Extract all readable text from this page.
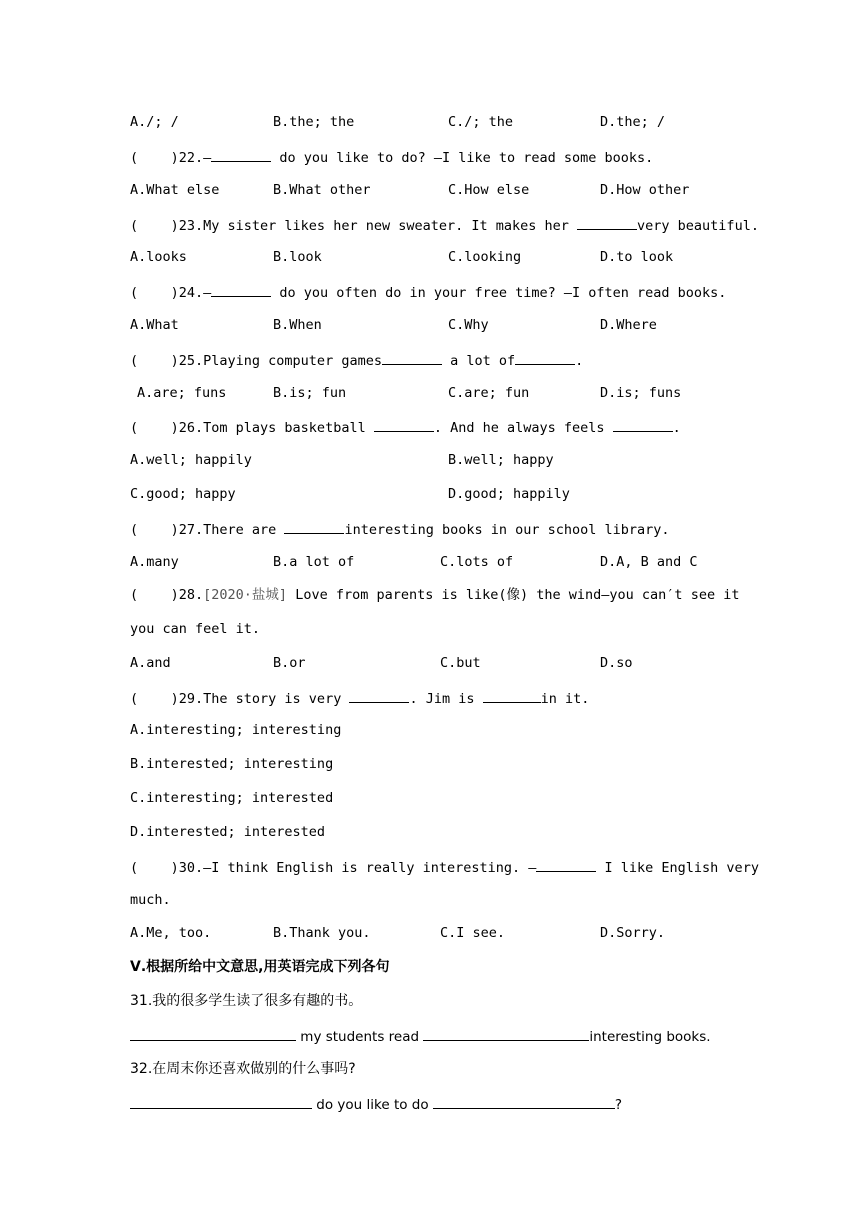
A./; /	B.the; the	C./; the	D.the; /
(    )22.—	do you like to do? —I like to read some books.
A.What else	B.What other	C.How else	D.How other
(    )23.My sister likes her new sweater. It makes her	very beautiful.
A.looks	B.look	C.looking	D.to look
(    )24.—	do you often do in your free time? —I often read books.
A.What	B.When	C.Why	D.Where
(    )25.Playing computer games	a lot of	.
A.are; funs	B.is; fun	C.are; fun	D.is; funs
(    )26.Tom plays basketball	. And he always feels	.
A.well; happily	B.well; happy
C.good; happy	D.good; happily
(    )27.There are	interesting books in our school library.
A.many	B.a lot of	C.lots of	D.A, B and C
(    )28.[2020·盐城] Love from parents is like(像) the wind—you can′t see it
you can feel it.
A.and	B.or	C.but	D.so
(    )29.The story is very	. Jim is	in it.
A.interesting; interesting
B.interested; interesting
C.interesting; interested
D.interested; interested
(    )30.—I think English is really interesting. —	I like English very
much.
A.Me, too.	B.Thank you.	C.I see.	D.Sorry.
Ⅴ.根据所给中文意思,用英语完成下列各句
31.我的很多学生读了很多有趣的书。
my students read	interesting books.
32.在周末你还喜欢做别的什么事吗?
do you like to do	?
